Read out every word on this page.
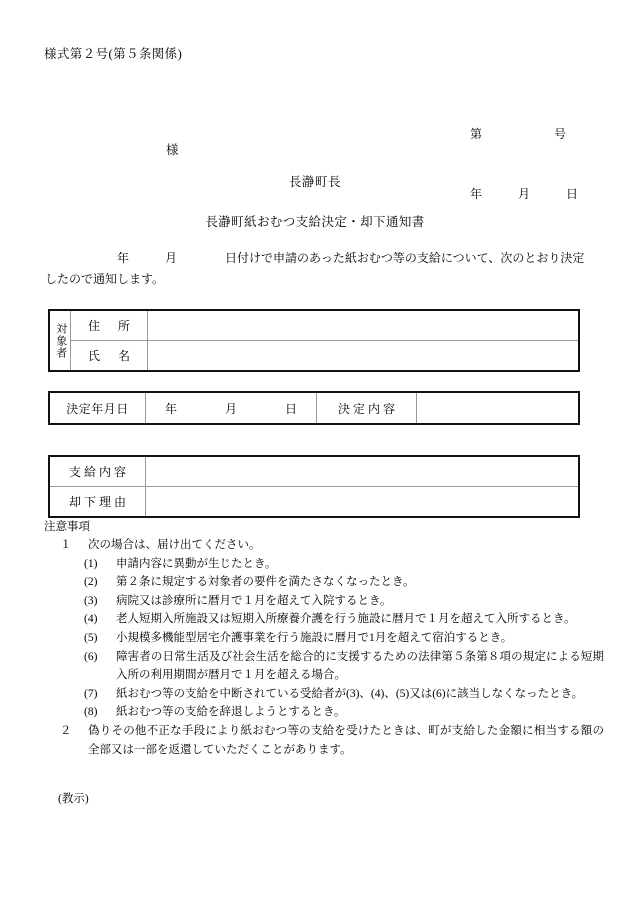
様式第２号(第５条関係)

第　　　　　　号

年　　　月　　　日

様
長瀞町長
長瀞町紙おむつ支給決定・却下通知書
　　　　　　年　　　月　　　　日付けで申請のあった紙おむつ等の支給について、次のとおり決定したので通知します。
対象者	住　所	
	氏　名	
決定年月日	年　　　　月　　　　日	決定内容	
支給内容	
却下理由	
注意事項
１	次の場合は、届け出てください。
(1)	申請内容に異動が生じたとき。
(2)	第２条に規定する対象者の要件を満たさなくなったとき。
(3)	病院又は診療所に暦月で１月を超えて入院するとき。
(4)	老人短期入所施設又は短期入所療養介護を行う施設に暦月で１月を超えて入所するとき。
(5)	小規模多機能型居宅介護事業を行う施設に暦月で1月を超えて宿泊するとき。
(6)	障害者の日常生活及び社会生活を総合的に支援するための法律第５条第８項の規定による短期入所の利用期間が暦月で１月を超える場合。
(7)	紙おむつ等の支給を中断されている受給者が(3)、(4)、(5)又は(6)に該当しなくなったとき。
(8)	紙おむつ等の支給を辞退しようとするとき。
２	偽りその他不正な手段により紙おむつ等の支給を受けたときは、町が支給した金額に相当する額の全部又は一部を返還していただくことがあります。
(教示)
